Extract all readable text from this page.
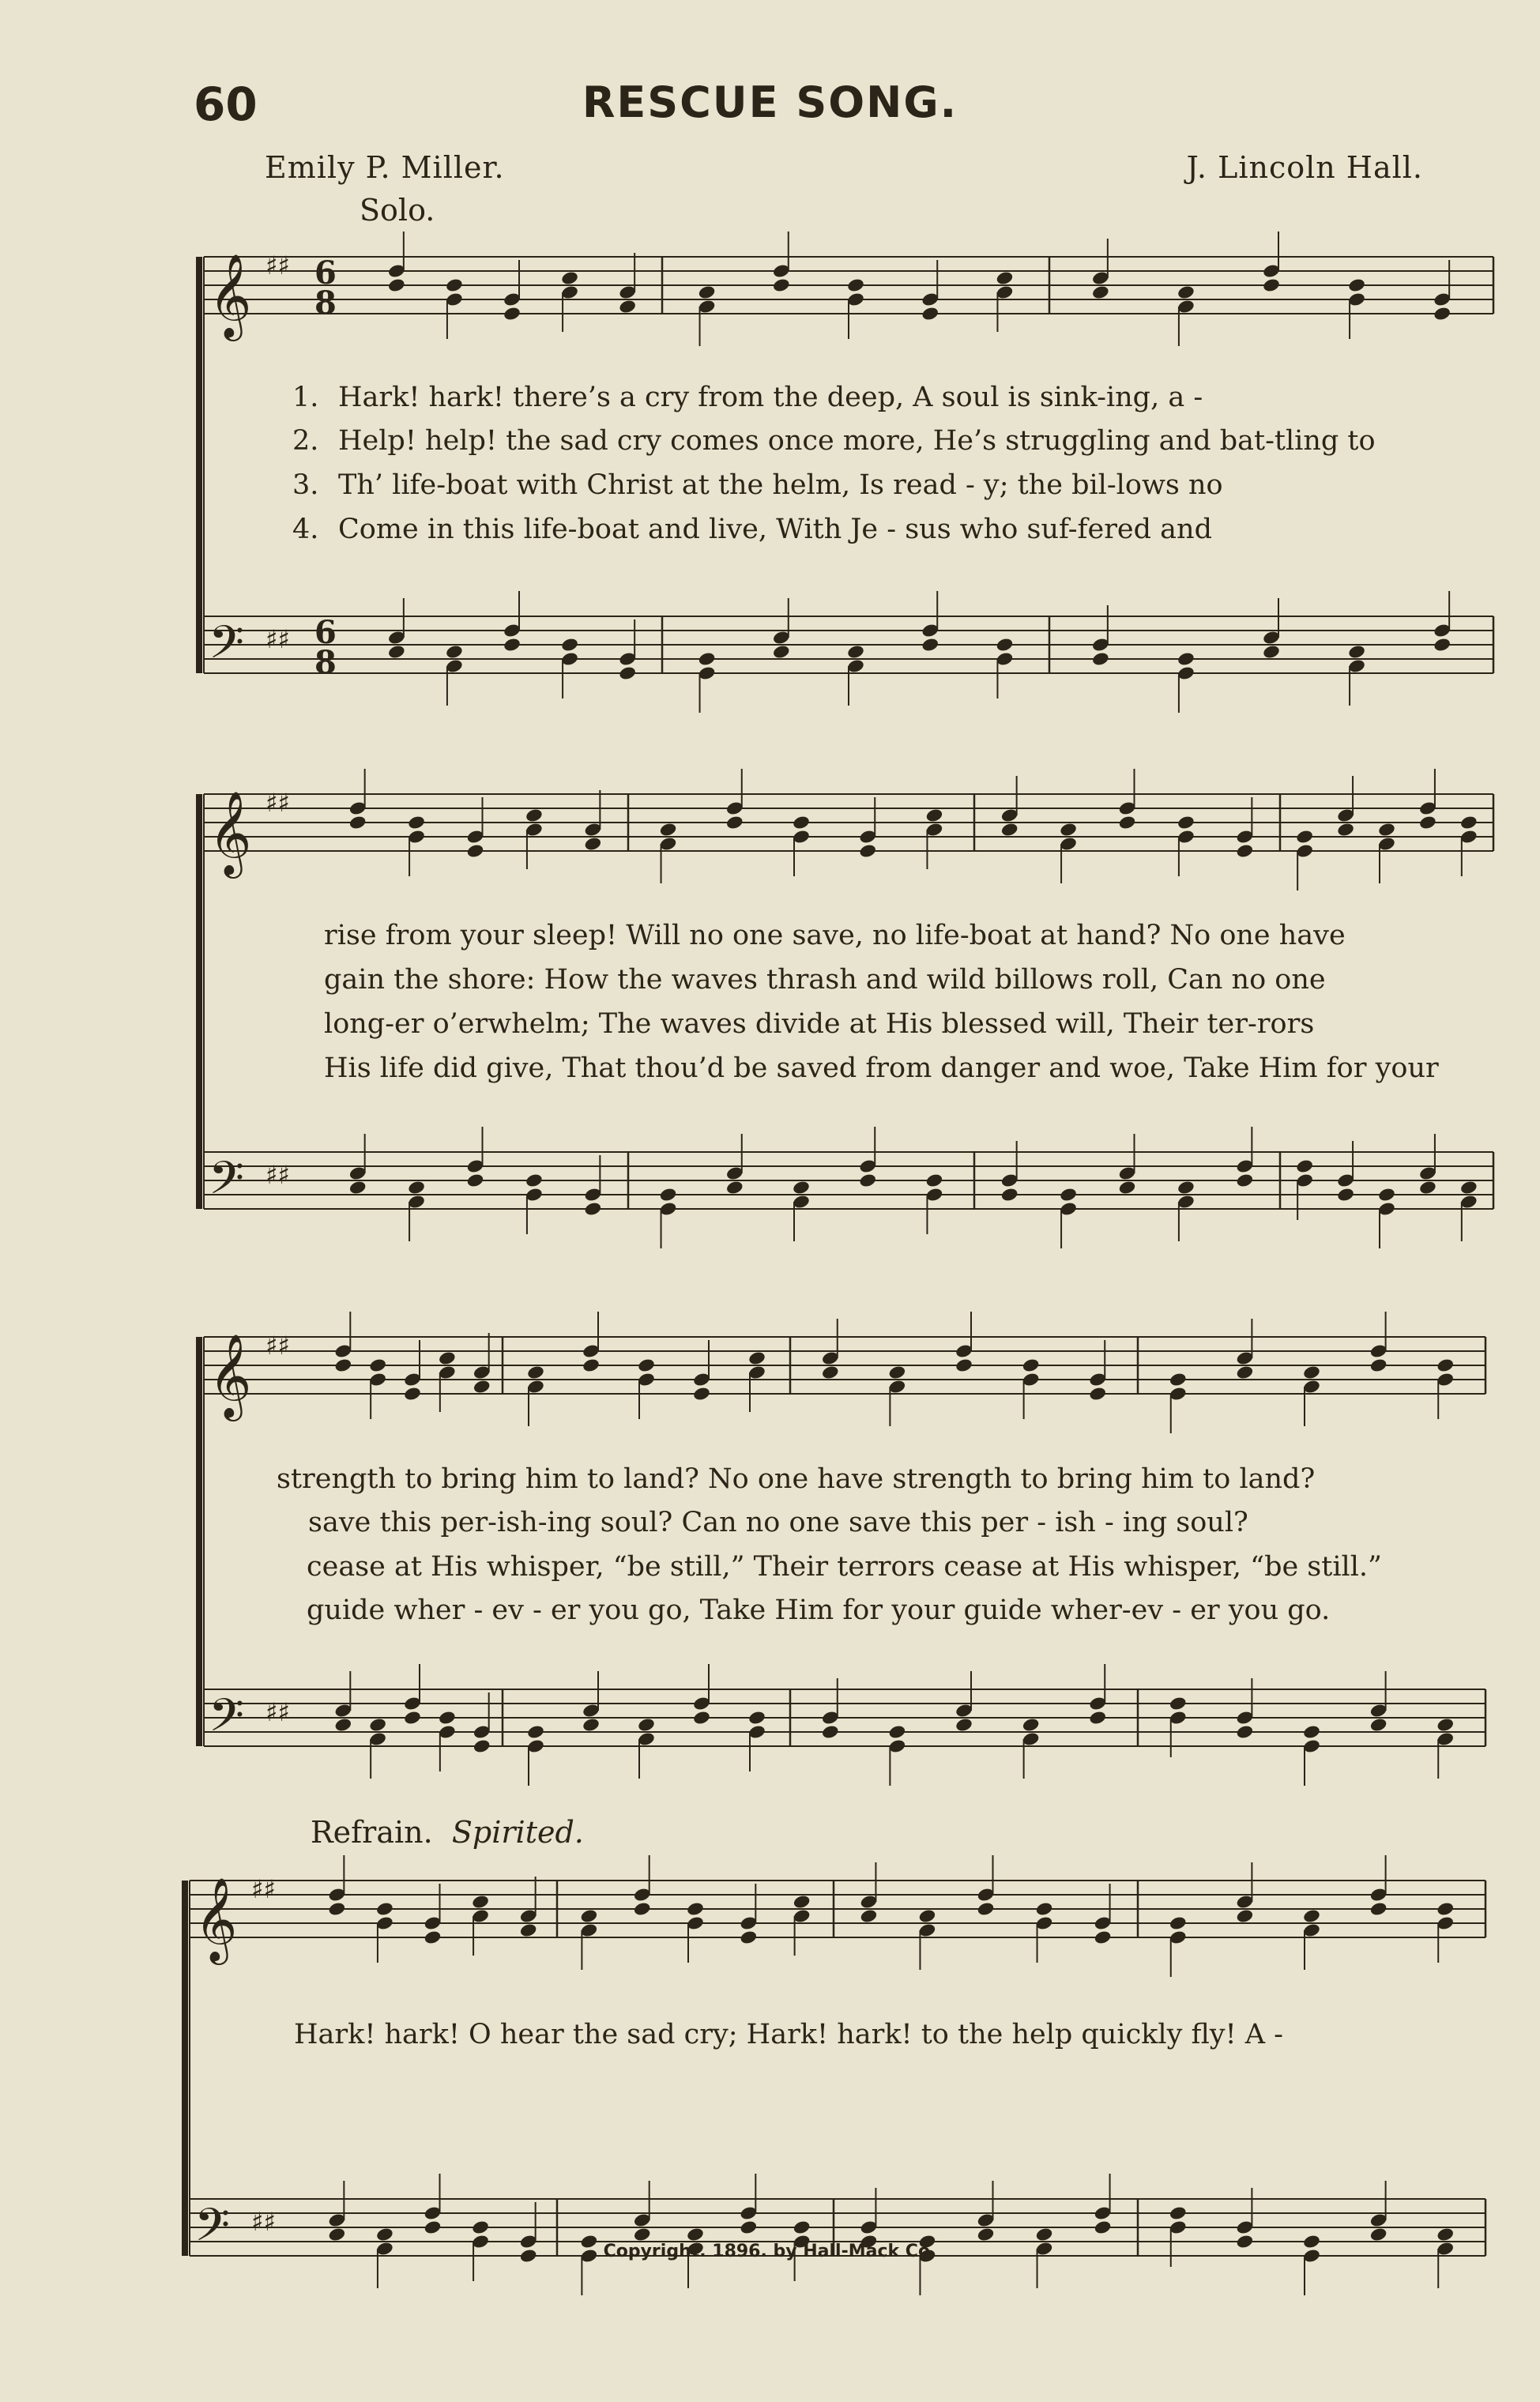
60	RESCUE SONG.
Emily P. Miller.	J. Lincoln Hall.
Solo.
Refrain. Spirited.
𝄞 ♯♯ 6
8
𝄢 ♯♯ 6
8
𝄞 ♯♯
𝄢 ♯♯
𝄞 ♯♯
𝄢 ♯♯
𝄞 ♯♯
𝄢 ♯♯
1. Hark! hark! there’s a cry from the deep, A soul is sink-ing, a -
2. Help! help! the sad cry comes once more, He’s struggling and bat-tling to
3. Th’ life-boat with Christ at the helm, Is read - y; the bil-lows no
4. Come in this life-boat and live, With Je - sus who suf-fered and
rise from your sleep! Will no one save, no life-boat at hand? No one have
gain the shore: How the waves thrash and wild billows roll, Can no one
long-er o’erwhelm; The waves divide at His blessed will, Their ter-rors
His life did give, That thou’d be saved from danger and woe, Take Him for your
strength to bring him to land? No one have strength to bring him to land?
save this per-ish-ing soul? Can no one save this per - ish - ing soul?
cease at His whisper, “be still,” Their terrors cease at His whisper, “be still.”
guide wher - ev - er you go, Take Him for your guide wher-ev - er you go.
Hark! hark! O hear the sad cry; Hark! hark! to the help quickly fly! A -
Copyright. 1896. by Hall-Mack Co.
